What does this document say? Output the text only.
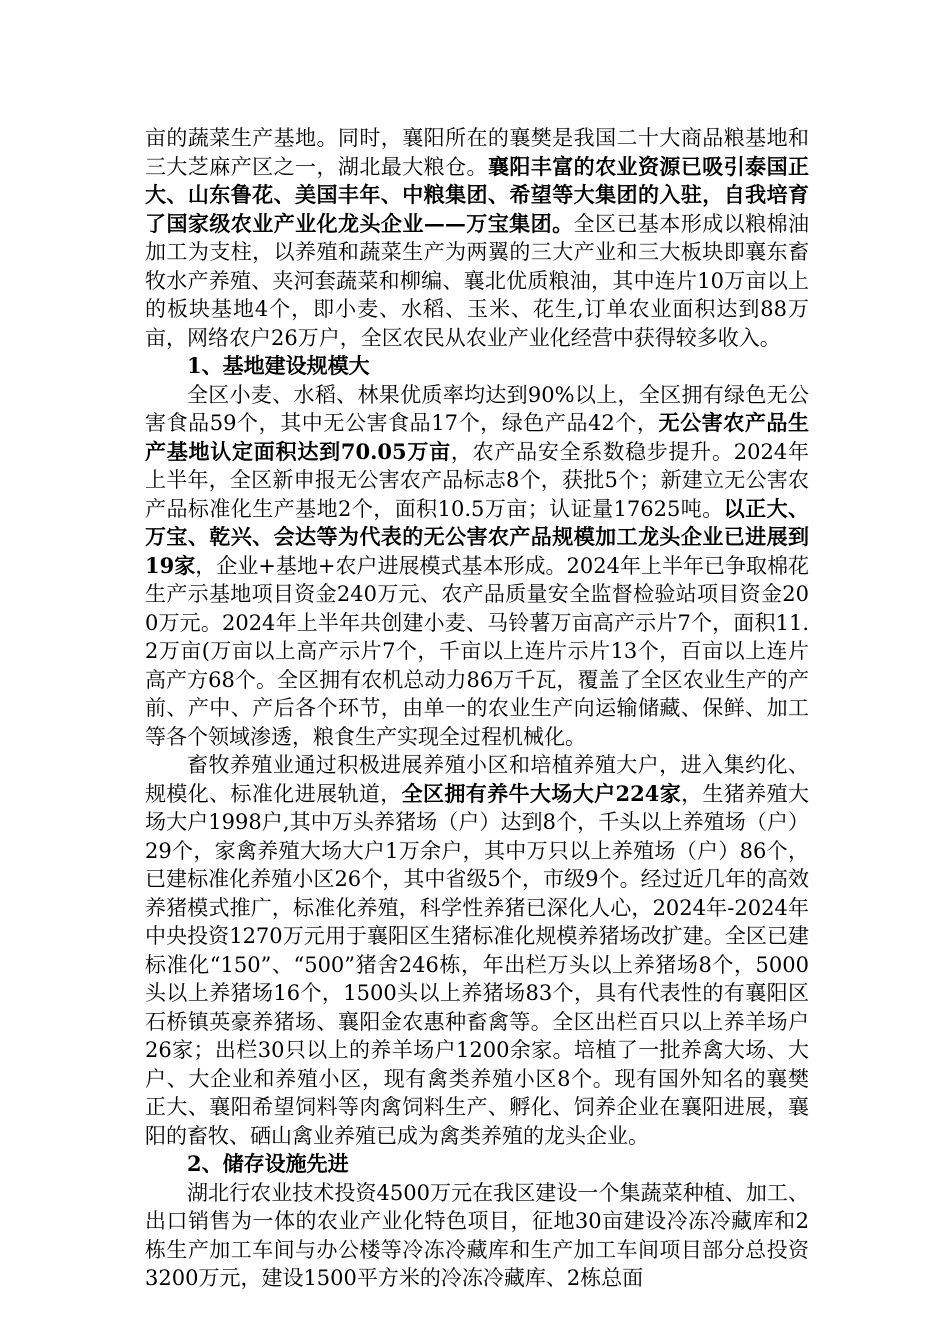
亩的蔬菜生产基地。同时，襄阳所在的襄樊是我国二十大商品粮基地和三大芝麻产区之一，湖北最大粮仓。襄阳丰富的农业资源已吸引泰国正大、山东鲁花、美国丰年、中粮集团、希望等大集团的入驻，自我培育了国家级农业产业化龙头企业——万宝集团。全区已基本形成以粮棉油加工为支柱，以养殖和蔬菜生产为两翼的三大产业和三大板块即襄东畜牧水产养殖、夹河套蔬菜和柳编、襄北优质粮油，其中连片10万亩以上的板块基地4个，即小麦、水稻、玉米、花生,订单农业面积达到88万亩，网络农户26万户，全区农民从农业产业化经营中获得较多收入。

1、基地建设规模大

全区小麦、水稻、林果优质率均达到90%以上，全区拥有绿色无公害食品59个，其中无公害食品17个，绿色产品42个，无公害农产品生产基地认定面积达到70.05万亩，农产品安全系数稳步提升。2024年上半年，全区新申报无公害农产品标志8个，获批5个；新建立无公害农产品标准化生产基地2个，面积10.5万亩；认证量17625吨。以正大、万宝、乾兴、会达等为代表的无公害农产品规模加工龙头企业已进展到19家，企业+基地+农户进展模式基本形成。2024年上半年已争取棉花生产示基地项目资金240万元、农产品质量安全监督检验站项目资金200万元。2024年上半年共创建小麦、马铃薯万亩高产示片7个，面积11.2万亩(万亩以上高产示片7个，千亩以上连片示片13个，百亩以上连片高产方68个。全区拥有农机总动力86万千瓦，覆盖了全区农业生产的产前、产中、产后各个环节，由单一的农业生产向运输储藏、保鲜、加工等各个领域渗透，粮食生产实现全过程机械化。

畜牧养殖业通过积极进展养殖小区和培植养殖大户，进入集约化、规模化、标准化进展轨道，全区拥有养牛大场大户224家，生猪养殖大场大户1998户,其中万头养猪场（户）达到8个，千头以上养殖场（户）29个，家禽养殖大场大户1万余户，其中万只以上养殖场（户）86个，已建标准化养殖小区26个，其中省级5个，市级9个。经过近几年的高效养猪模式推广，标准化养殖，科学性养猪已深化人心，2024年-2024年中央投资1270万元用于襄阳区生猪标准化规模养猪场改扩建。全区已建标准化“150”、“500”猪舍246栋，年出栏万头以上养猪场8个，5000头以上养猪场16个，1500头以上养猪场83个，具有代表性的有襄阳区石桥镇英豪养猪场、襄阳金农惠种畜禽等。全区出栏百只以上养羊场户26家；出栏30只以上的养羊场户1200余家。培植了一批养禽大场、大户、大企业和养殖小区，现有禽类养殖小区8个。现有国外知名的襄樊正大、襄阳希望饲料等肉禽饲料生产、孵化、饲养企业在襄阳进展，襄阳的畜牧、硒山禽业养殖已成为禽类养殖的龙头企业。

2、储存设施先进

湖北行农业技术投资4500万元在我区建设一个集蔬菜种植、加工、出口销售为一体的农业产业化特色项目，征地30亩建设冷冻冷藏库和2栋生产加工车间与办公楼等冷冻冷藏库和生产加工车间项目部分总投资3200万元，建设1500平方米的冷冻冷藏库、2栋总面
